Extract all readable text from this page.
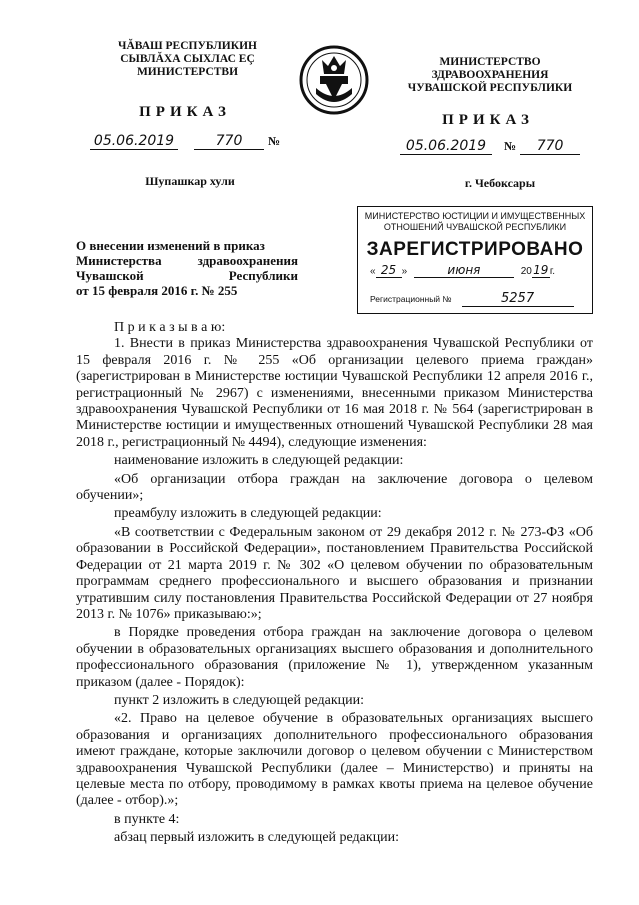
ЧĂВАШ РЕСПУБЛИКИН
СЫВЛĂХА СЫХЛАС ЕÇ
МИНИСТЕРСТВИ
ПРИКАЗ
05.06.2019	770 №
Шупашкар хули
МИНИСТЕРСТВО
ЗДРАВООХРАНЕНИЯ
ЧУВАШСКОЙ РЕСПУБЛИКИ
ПРИКАЗ
05.06.2019 № 770
г. Чебоксары
МИНИСТЕРСТВО ЮСТИЦИИ И ИМУЩЕСТВЕННЫХ
ОТНОШЕНИЙ ЧУВАШСКОЙ РЕСПУБЛИКИ
ЗАРЕГИСТРИРОВАНО
« 25 »	июня	2019г.
Регистрационный №	5257
О внесении изменений в приказ
Министерства	здравоохранения
Чувашской	Республики
от 15 февраля 2016 г. № 255

П р и к а з ы в а ю:

1. Внести в приказ Министерства здравоохранения Чувашской Республики от 15 февраля 2016 г. № 255 «Об организации целевого приема граждан» (зарегистрирован в Министерстве юстиции Чувашской Республики 12 апреля 2016 г., регистрационный № 2967) с изменениями, внесенными приказом Министерства здравоохранения Чувашской Республики от 16 мая 2018 г. № 564 (зарегистрирован в Министерстве юстиции и имущественных отношений Чувашской Республики 28 мая 2018 г., регистрационный № 4494), следующие изменения:

наименование изложить в следующей редакции:

«Об организации отбора граждан на заключение договора о целевом обучении»;

преамбулу изложить в следующей редакции:

«В соответствии с Федеральным законом от 29 декабря 2012 г. № 273-ФЗ «Об образовании в Российской Федерации», постановлением Правительства Российской Федерации от 21 марта 2019 г. № 302 «О целевом обучении по образовательным программам среднего профессионального и высшего образования и признании утратившим силу постановления Правительства Российской Федерации от 27 ноября 2013 г. № 1076» приказываю:»;

в Порядке проведения отбора граждан на заключение договора о целевом обучении в образовательных организациях высшего образования и дополнительного профессионального образования (приложение № 1), утвержденном указанным приказом (далее - Порядок):

пункт 2 изложить в следующей редакции:

«2. Право на целевое обучение в образовательных организациях высшего образования и организациях дополнительного профессионального образования имеют граждане, которые заключили договор о целевом обучении с Министерством здравоохранения Чувашской Республики (далее – Министерство) и приняты на целевые места по отбору, проводимому в рамках квоты приема на целевое обучение (далее - отбор).»;

в пункте 4:

абзац первый изложить в следующей редакции:
